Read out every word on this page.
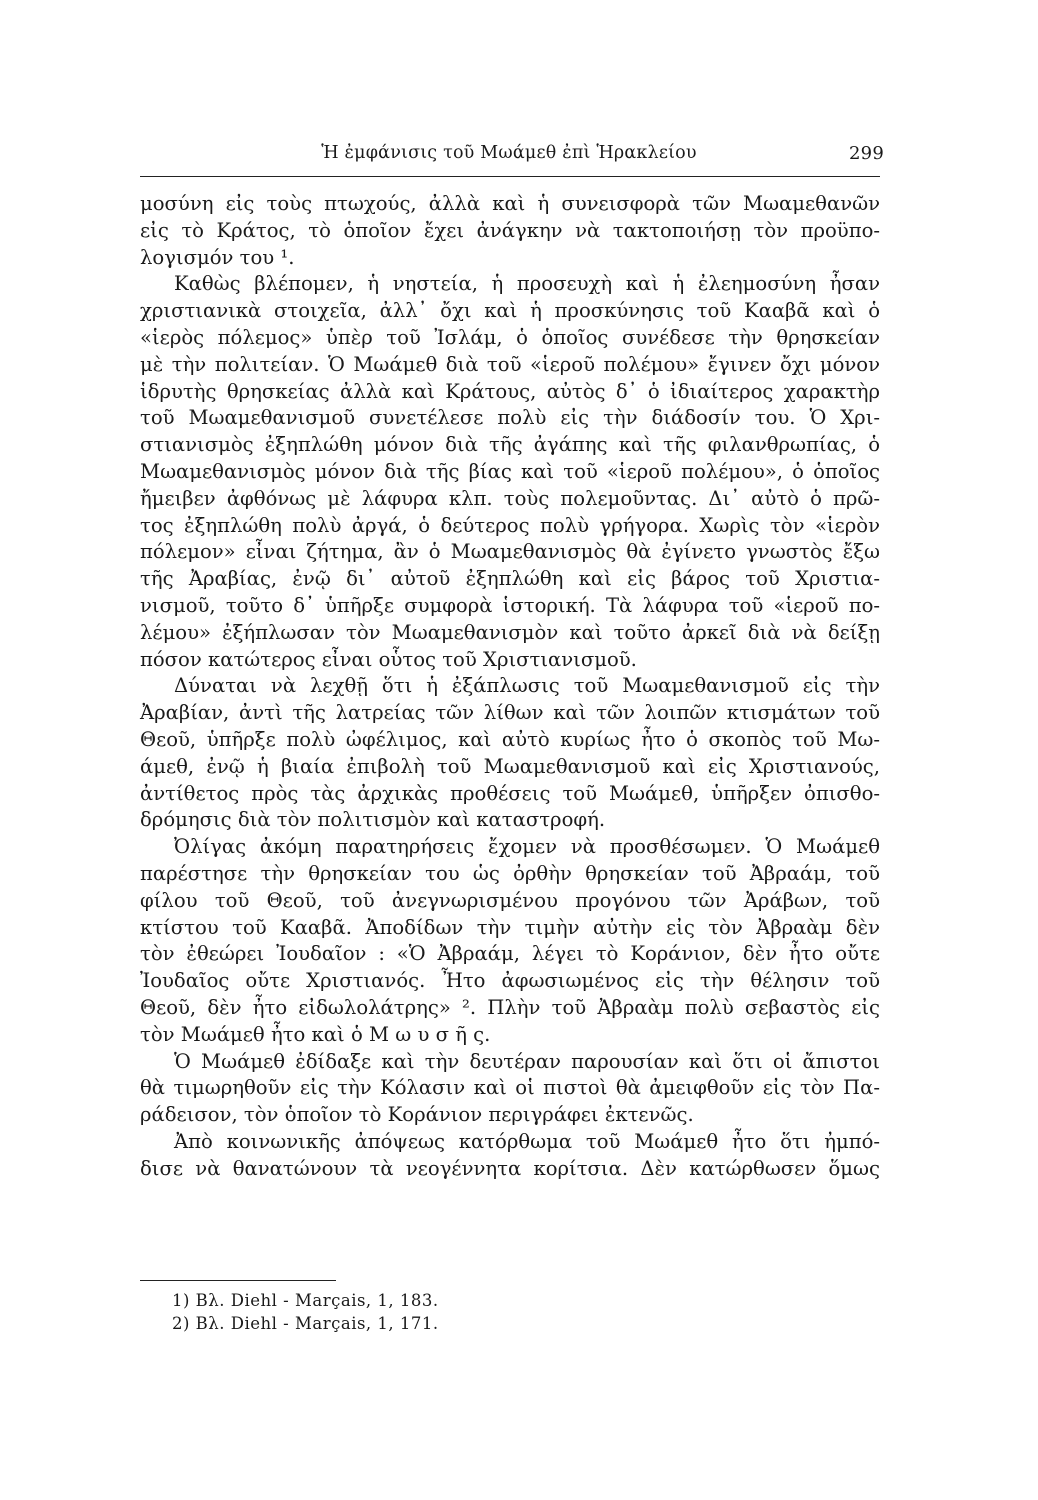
Ἡ ἐμφάνισις τοῦ Μωάμεθ ἐπὶ Ἡρακλείου	299
μοσύνη εἰς τοὺς πτωχούς, ἀλλὰ καὶ ἡ συνεισφορὰ τῶν Μωαμεθανῶν
εἰς τὸ Κράτος, τὸ ὁποῖον ἔχει ἀνάγκην νὰ τακτοποιήσῃ τὸν προϋπο-
λογισμόν του ¹.
Καθὼς βλέπομεν, ἡ νηστεία, ἡ προσευχὴ καὶ ἡ ἐλεημοσύνη ἦσαν
χριστιανικὰ στοιχεῖα, ἀλλ᾽ ὄχι καὶ ἡ προσκύνησις τοῦ Κααβᾶ καὶ ὁ
«ἱερὸς πόλεμος» ὑπὲρ τοῦ Ἰσλάμ, ὁ ὁποῖος συνέδεσε τὴν θρησκείαν
μὲ τὴν πολιτείαν. Ὁ Μωάμεθ διὰ τοῦ «ἱεροῦ πολέμου» ἔγινεν ὄχι μόνον
ἱδρυτὴς θρησκείας ἀλλὰ καὶ Κράτους, αὐτὸς δ᾽ ὁ ἰδιαίτερος χαρακτὴρ
τοῦ Μωαμεθανισμοῦ συνετέλεσε πολὺ εἰς τὴν διάδοσίν του. Ὁ Χρι-
στιανισμὸς ἐξηπλώθη μόνον διὰ τῆς ἀγάπης καὶ τῆς φιλανθρωπίας, ὁ
Μωαμεθανισμὸς μόνον διὰ τῆς βίας καὶ τοῦ «ἱεροῦ πολέμου», ὁ ὁποῖος
ἤμειβεν ἀφθόνως μὲ λάφυρα κλπ. τοὺς πολεμοῦντας. Δι᾽ αὐτὸ ὁ πρῶ-
τος ἐξηπλώθη πολὺ ἀργά, ὁ δεύτερος πολὺ γρήγορα. Χωρὶς τὸν «ἱερὸν
πόλεμον» εἶναι ζήτημα, ἂν ὁ Μωαμεθανισμὸς θὰ ἐγίνετο γνωστὸς ἔξω
τῆς Ἀραβίας, ἐνῷ δι᾽ αὐτοῦ ἐξηπλώθη καὶ εἰς βάρος τοῦ Χριστια-
νισμοῦ, τοῦτο δ᾽ ὑπῆρξε συμφορὰ ἱστορική. Τὰ λάφυρα τοῦ «ἱεροῦ πο-
λέμου» ἐξήπλωσαν τὸν Μωαμεθανισμὸν καὶ τοῦτο ἀρκεῖ διὰ νὰ δείξῃ
πόσον κατώτερος εἶναι οὗτος τοῦ Χριστιανισμοῦ.
Δύναται νὰ λεχθῇ ὅτι ἡ ἐξάπλωσις τοῦ Μωαμεθανισμοῦ εἰς τὴν
Ἀραβίαν, ἀντὶ τῆς λατρείας τῶν λίθων καὶ τῶν λοιπῶν κτισμάτων τοῦ
Θεοῦ, ὑπῆρξε πολὺ ὠφέλιμος, καὶ αὐτὸ κυρίως ἦτο ὁ σκοπὸς τοῦ Μω-
άμεθ, ἐνῷ ἡ βιαία ἐπιβολὴ τοῦ Μωαμεθανισμοῦ καὶ εἰς Χριστιανούς,
ἀντίθετος πρὸς τὰς ἀρχικὰς προθέσεις τοῦ Μωάμεθ, ὑπῆρξεν ὀπισθο-
δρόμησις διὰ τὸν πολιτισμὸν καὶ καταστροφή.
Ὀλίγας ἀκόμη παρατηρήσεις ἔχομεν νὰ προσθέσωμεν. Ὁ Μωάμεθ
παρέστησε τὴν θρησκείαν του ὡς ὀρθὴν θρησκείαν τοῦ Ἀβραάμ, τοῦ
φίλου τοῦ Θεοῦ, τοῦ ἀνεγνωρισμένου προγόνου τῶν Ἀράβων, τοῦ
κτίστου τοῦ Κααβᾶ. Ἀποδίδων τὴν τιμὴν αὐτὴν εἰς τὸν Ἀβραὰμ δὲν
τὸν ἐθεώρει Ἰουδαῖον : «Ὁ Ἀβραάμ, λέγει τὸ Κοράνιον, δὲν ἦτο οὔτε
Ἰουδαῖος οὔτε Χριστιανός. Ἦτο ἀφωσιωμένος εἰς τὴν θέλησιν τοῦ
Θεοῦ, δὲν ἦτο εἰδωλολάτρης» ². Πλὴν τοῦ Ἀβραὰμ πολὺ σεβαστὸς εἰς
τὸν Μωάμεθ ἦτο καὶ ὁ Μ ω υ σ ῆ ς.
Ὁ Μωάμεθ ἐδίδαξε καὶ τὴν δευτέραν παρουσίαν καὶ ὅτι οἱ ἄπιστοι
θὰ τιμωρηθοῦν εἰς τὴν Κόλασιν καὶ οἱ πιστοὶ θὰ ἀμειφθοῦν εἰς τὸν Πα-
ράδεισον, τὸν ὁποῖον τὸ Κοράνιον περιγράφει ἐκτενῶς.
Ἀπὸ κοινωνικῆς ἀπόψεως κατόρθωμα τοῦ Μωάμεθ ἦτο ὅτι ἠμπό-
δισε νὰ θανατώνουν τὰ νεογέννητα κορίτσια. Δὲν κατώρθωσεν ὅμως
1) Βλ. Diehl - Marçais, 1, 183.
2) Βλ. Diehl - Marçais, 1, 171.
